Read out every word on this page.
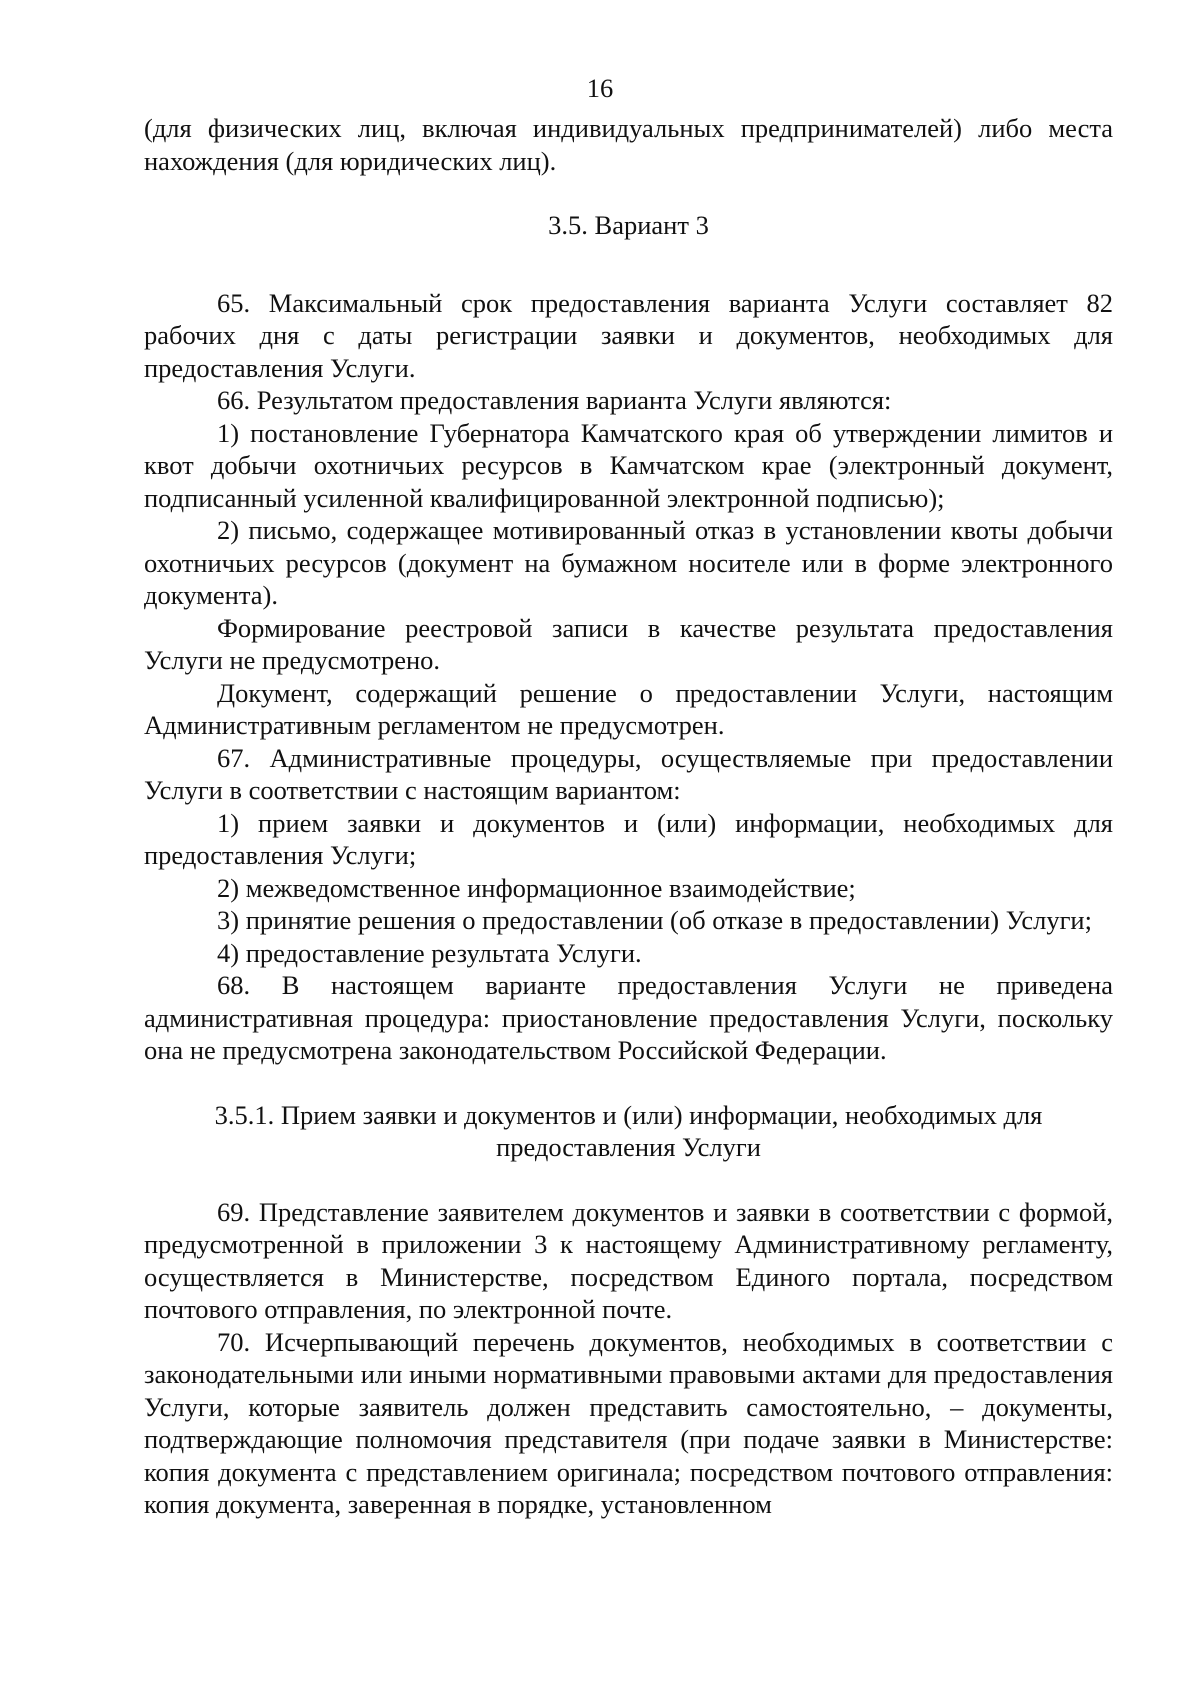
16

(для физических лиц, включая индивидуальных предпринимателей) либо места нахождения (для юридических лиц).

3.5. Вариант 3

65. Максимальный срок предоставления варианта Услуги составляет 82 рабочих дня с даты регистрации заявки и документов, необходимых для предоставления Услуги.

66. Результатом предоставления варианта Услуги являются:

1) постановление Губернатора Камчатского края об утверждении лимитов и квот добычи охотничьих ресурсов в Камчатском крае (электронный документ, подписанный усиленной квалифицированной электронной подписью);

2) письмо, содержащее мотивированный отказ в установлении квоты добычи охотничьих ресурсов (документ на бумажном носителе или в форме электронного документа).

Формирование реестровой записи в качестве результата предоставления Услуги не предусмотрено.

Документ, содержащий решение о предоставлении Услуги, настоящим Административным регламентом не предусмотрен.

67. Административные процедуры, осуществляемые при предоставлении Услуги в соответствии с настоящим вариантом:

1) прием заявки и документов и (или) информации, необходимых для предоставления Услуги;

2) межведомственное информационное взаимодействие;

3) принятие решения о предоставлении (об отказе в предоставлении) Услуги;

4) предоставление результата Услуги.

68. В настоящем варианте предоставления Услуги не приведена административная процедура: приостановление предоставления Услуги, поскольку она не предусмотрена законодательством Российской Федерации.

3.5.1. Прием заявки и документов и (или) информации, необходимых для предоставления Услуги

69. Представление заявителем документов и заявки в соответствии с формой, предусмотренной в приложении 3 к настоящему Административному регламенту, осуществляется в Министерстве, посредством Единого портала, посредством почтового отправления, по электронной почте.

70. Исчерпывающий перечень документов, необходимых в соответствии с законодательными или иными нормативными правовыми актами для предоставления Услуги, которые заявитель должен представить самостоятельно, – документы, подтверждающие полномочия представителя (при подаче заявки в Министерстве: копия документа с представлением оригинала; посредством почтового отправления: копия документа, заверенная в порядке, установленном
